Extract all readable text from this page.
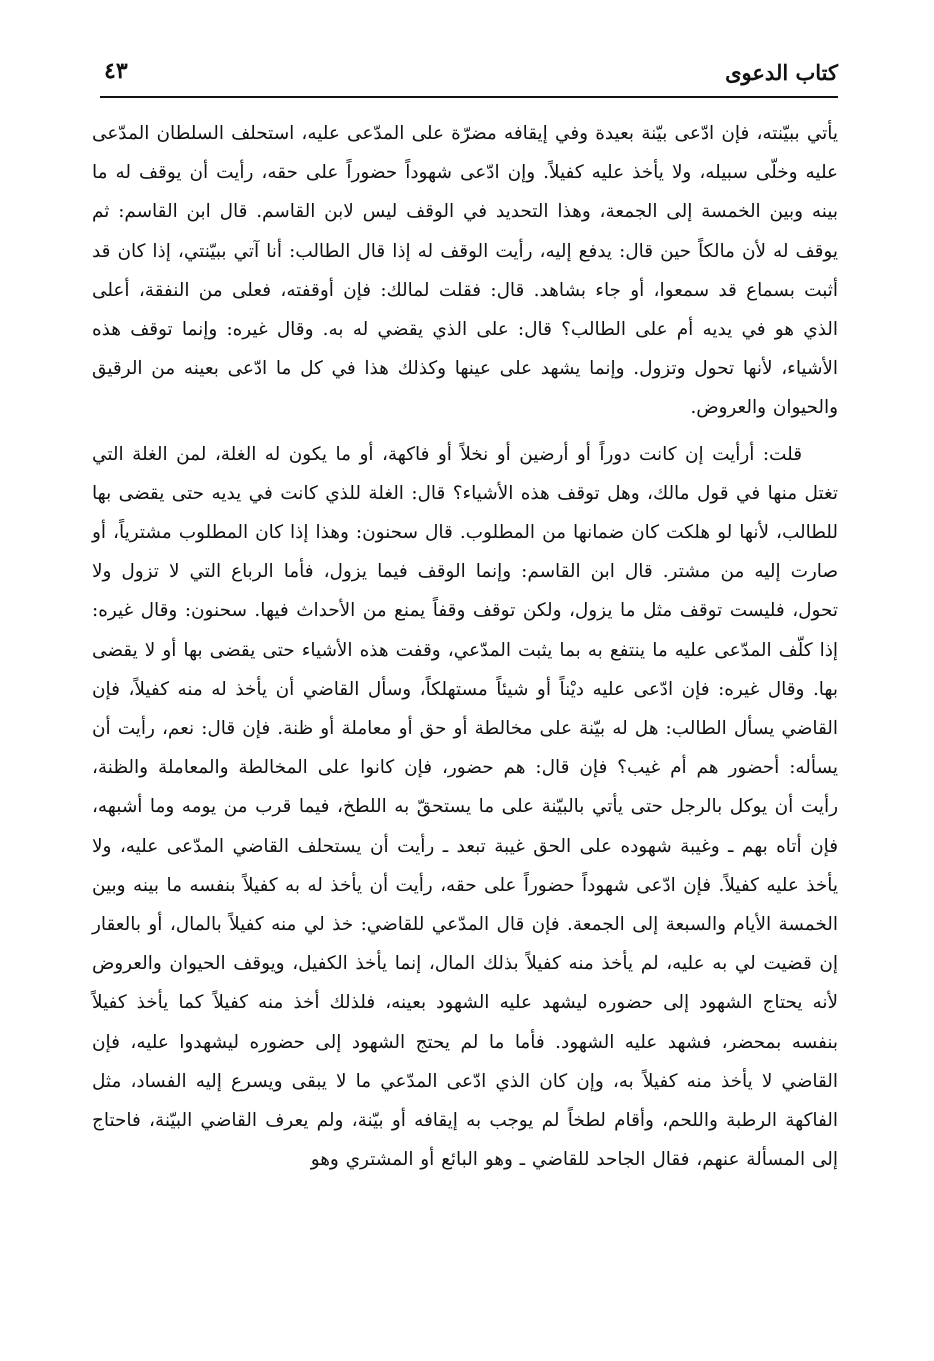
كتاب الدعوى
٤٣

يأتي ببيّنته، فإن ادّعى بيّنة بعيدة وفي إيقافه مضرّة على المدّعى عليه، استحلف السلطان المدّعى عليه وخلّى سبيله، ولا يأخذ عليه كفيلاً. وإن ادّعى شهوداً حضوراً على حقه، رأيت أن يوقف له ما بينه وبين الخمسة إلى الجمعة، وهذا التحديد في الوقف ليس لابن القاسم. قال ابن القاسم: ثم يوقف له لأن مالكاً حين قال: يدفع إليه، رأيت الوقف له إذا قال الطالب: أنا آتي ببيّنتي، إذا كان قد أثبت بسماع قد سمعوا، أو جاء بشاهد. قال: فقلت لمالك: فإن أوقفته، فعلى من النفقة، أعلى الذي هو في يديه أم على الطالب؟ قال: على الذي يقضي له به. وقال غيره: وإنما توقف هذه الأشياء، لأنها تحول وتزول. وإنما يشهد على عينها وكذلك هذا في كل ما ادّعى بعينه من الرقيق والحيوان والعروض.

قلت: أرأيت إن كانت دوراً أو أرضين أو نخلاً أو فاكهة، أو ما يكون له الغلة، لمن الغلة التي تغتل منها في قول مالك، وهل توقف هذه الأشياء؟ قال: الغلة للذي كانت في يديه حتى يقضى بها للطالب، لأنها لو هلكت كان ضمانها من المطلوب. قال سحنون: وهذا إذا كان المطلوب مشترياً، أو صارت إليه من مشتر. قال ابن القاسم: وإنما الوقف فيما يزول، فأما الرباع التي لا تزول ولا تحول، فليست توقف مثل ما يزول، ولكن توقف وقفاً يمنع من الأحداث فيها. سحنون: وقال غيره: إذا كلّف المدّعى عليه ما ينتفع به بما يثبت المدّعي، وقفت هذه الأشياء حتى يقضى بها أو لا يقضى بها. وقال غيره: فإن ادّعى عليه ديْناً أو شيئاً مستهلكاً، وسأل القاضي أن يأخذ له منه كفيلاً، فإن القاضي يسأل الطالب: هل له بيّنة على مخالطة أو حق أو معاملة أو ظنة. فإن قال: نعم، رأيت أن يسأله: أحضور هم أم غيب؟ فإن قال: هم حضور، فإن كانوا على المخالطة والمعاملة والظنة، رأيت أن يوكل بالرجل حتى يأتي بالبيّنة على ما يستحقّ به اللطخ، فيما قرب من يومه وما أشبهه، فإن أتاه بهم ـ وغيبة شهوده على الحق غيبة تبعد ـ رأيت أن يستحلف القاضي المدّعى عليه، ولا يأخذ عليه كفيلاً. فإن ادّعى شهوداً حضوراً على حقه، رأيت أن يأخذ له به كفيلاً بنفسه ما بينه وبين الخمسة الأيام والسبعة إلى الجمعة. فإن قال المدّعي للقاضي: خذ لي منه كفيلاً بالمال، أو بالعقار إن قضيت لي به عليه، لم يأخذ منه كفيلاً بذلك المال، إنما يأخذ الكفيل، ويوقف الحيوان والعروض لأنه يحتاج الشهود إلى حضوره ليشهد عليه الشهود بعينه، فلذلك أخذ منه كفيلاً كما يأخذ كفيلاً بنفسه بمحضر، فشهد عليه الشهود. فأما ما لم يحتج الشهود إلى حضوره ليشهدوا عليه، فإن القاضي لا يأخذ منه كفيلاً به، وإن كان الذي ادّعى المدّعي ما لا يبقى ويسرع إليه الفساد، مثل الفاكهة الرطبة واللحم، وأقام لطخاً لم يوجب به إيقافه أو بيّنة، ولم يعرف القاضي البيّنة، فاحتاج إلى المسألة عنهم، فقال الجاحد للقاضي ـ وهو البائع أو المشتري وهو
